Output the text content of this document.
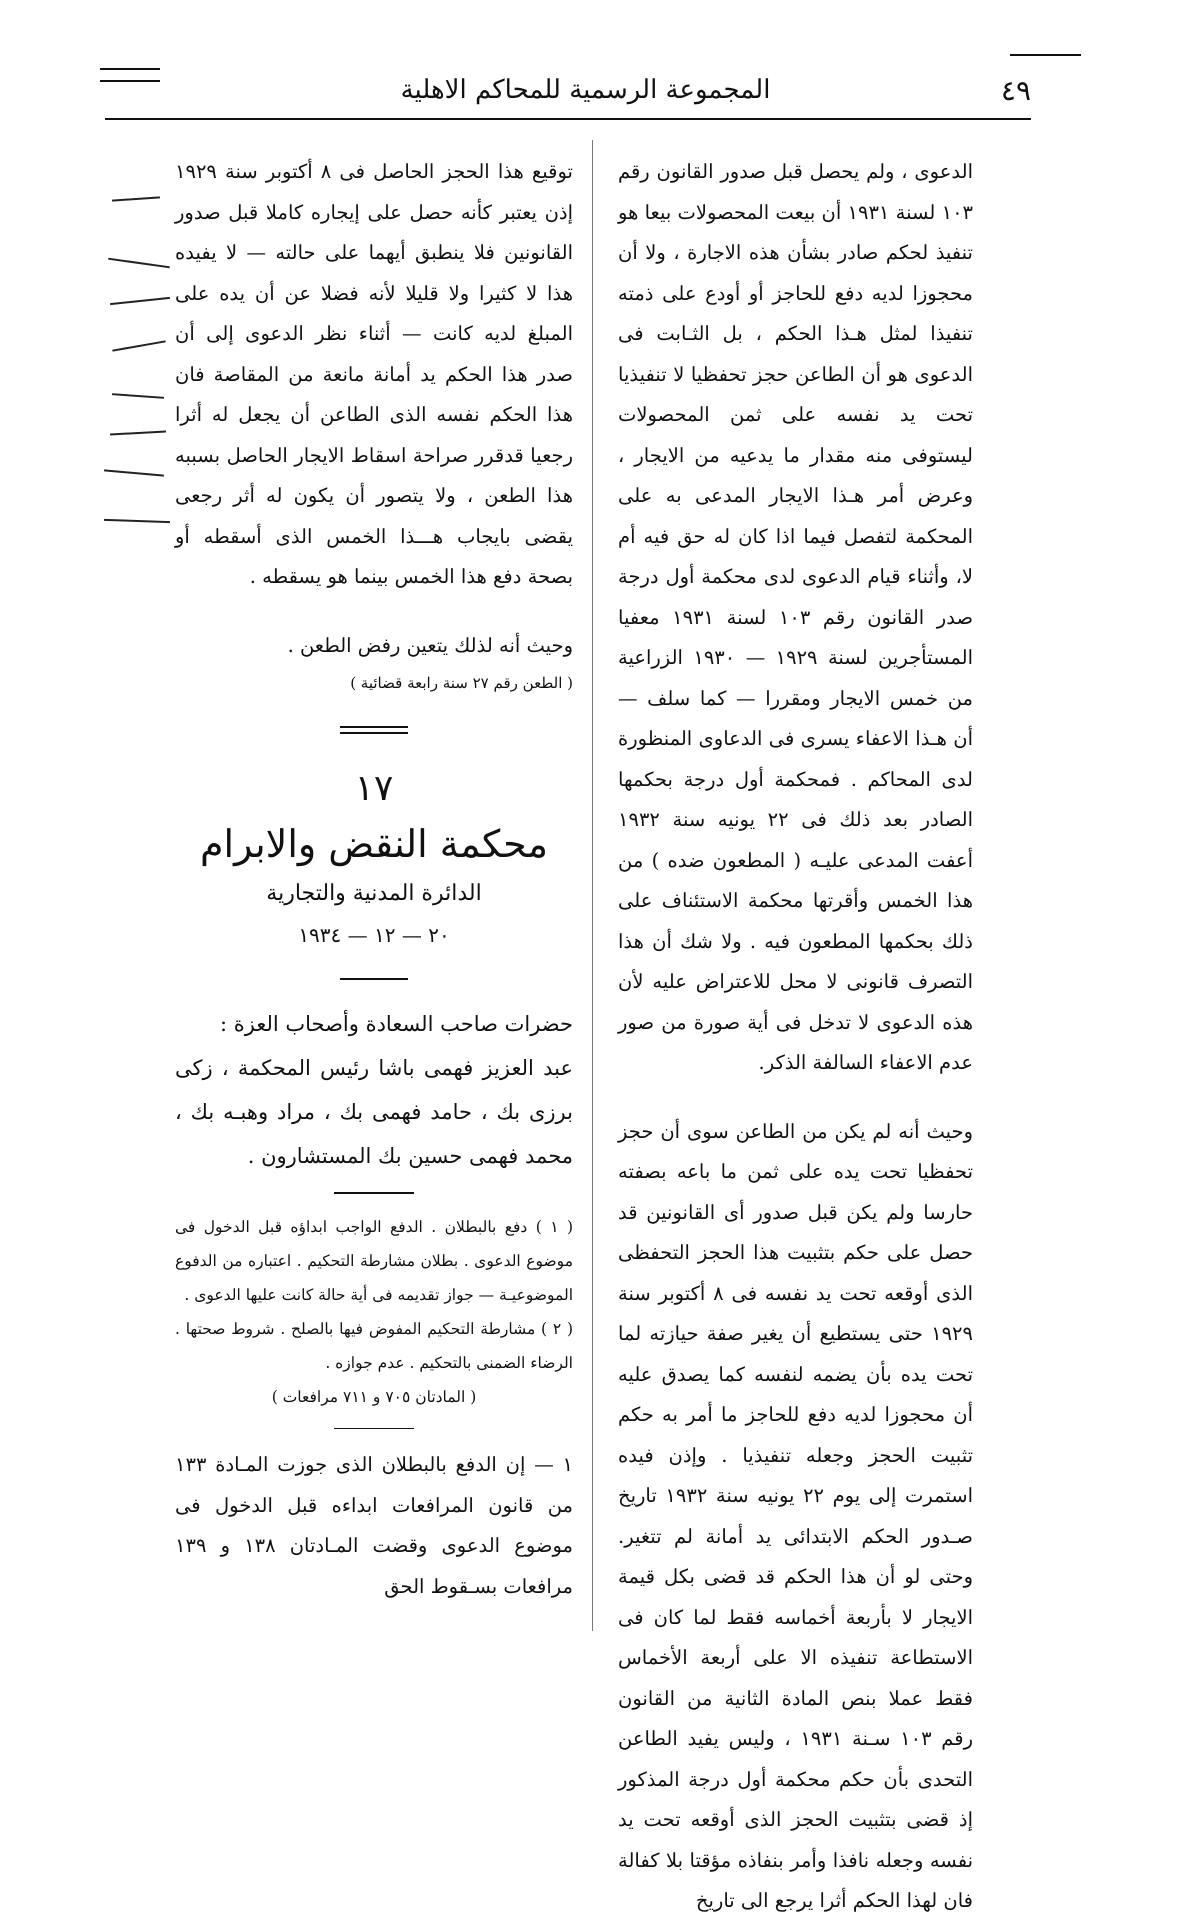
٤٩
المجموعة الرسمية للمحاكم الاهلية

الدعوى ، ولم يحصل قبل صدور القانون رقم ١٠٣ لسنة ١٩٣١ أن بيعت المحصولات بيعا هو تنفيذ لحكم صادر بشأن هذه الاجارة ، ولا أن محجوزا لديه دفع للحاجز أو أودع على ذمته تنفيذا لمثل هـذا الحكم ، بل الثـابت فى الدعوى هو أن الطاعن حجز تحفظيا لا تنفيذيا تحت يد نفسه على ثمن المحصولات ليستوفى منه مقدار ما يدعيه من الايجار ، وعرض أمر هـذا الايجار المدعى به على المحكمة لتفصل فيما اذا كان له حق فيه أم لا، وأثناء قيام الدعوى لدى محكمة أول درجة صدر القانون رقم ١٠٣ لسنة ١٩٣١ معفيا المستأجرين لسنة ١٩٢٩ — ١٩٣٠ الزراعية من خمس الايجار ومقررا — كما سلف — أن هـذا الاعفاء يسرى فى الدعاوى المنظورة لدى المحاكم . فمحكمة أول درجة بحكمها الصادر بعد ذلك فى ٢٢ يونيه سنة ١٩٣٢ أعفت المدعى عليـه ( المطعون ضده ) من هذا الخمس وأقرتها محكمة الاستئناف على ذلك بحكمها المطعون فيه . ولا شك أن هذا التصرف قانونى لا محل للاعتراض عليه لأن هذه الدعوى لا تدخل فى أية صورة من صور عدم الاعفاء السالفة الذكر.

وحيث أنه لم يكن من الطاعن سوى أن حجز تحفظيا تحت يده على ثمن ما باعه بصفته حارسا ولم يكن قبل صدور أى القانونين قد حصل على حكم بتثبيت هذا الحجز التحفظى الذى أوقعه تحت يد نفسه فى ٨ أكتوبر سنة ١٩٢٩ حتى يستطيع أن يغير صفة حيازته لما تحت يده بأن يضمه لنفسه كما يصدق عليه أن محجوزا لديه دفع للحاجز ما أمر به حكم تثبيت الحجز وجعله تنفيذيا . وإذن فيده استمرت إلى يوم ٢٢ يونيه سنة ١٩٣٢ تاريخ صـدور الحكم الابتدائى يد أمانة لم تتغير. وحتى لو أن هذا الحكم قد قضى بكل قيمة الايجار لا بأربعة أخماسه فقط لما كان فى الاستطاعة تنفيذه الا على أربعة الأخماس فقط عملا بنص المادة الثانية من القانون رقم ١٠٣ سـنة ١٩٣١ ، وليس يفيد الطاعن التحدى بأن حكم محكمة أول درجة المذكور إذ قضى بتثبيت الحجز الذى أوقعه تحت يد نفسه وجعله نافذا وأمر بنفاذه مؤقتا بلا كفالة فان لهذا الحكم أثرا يرجع الى تاريخ

توقيع هذا الحجز الحاصل فى ٨ أكتوبر سنة ١٩٢٩ إذن يعتبر كأنه حصل على إيجاره كاملا قبل صدور القانونين فلا ينطبق أيهما على حالته — لا يفيده هذا لا كثيرا ولا قليلا لأنه فضلا عن أن يده على المبلغ لديه كانت — أثناء نظر الدعوى إلى أن صدر هذا الحكم يد أمانة مانعة من المقاصة فان هذا الحكم نفسه الذى الطاعن أن يجعل له أثرا رجعيا قدقرر صراحة اسقاط الايجار الحاصل بسببه هذا الطعن ، ولا يتصور أن يكون له أثر رجعى يقضى بايجاب هـــذا الخمس الذى أسقطه أو بصحة دفع هذا الخمس بينما هو يسقطه .

وحيث أنه لذلك يتعين رفض الطعن .

( الطعن رقم ٢٧ سنة رابعة قضائية )

١٧

محكمة النقض والابرام

الدائرة المدنية والتجارية

٢٠ — ١٢ — ١٩٣٤

حضرات صاحب السعادة وأصحاب العزة :

عبد العزيز فهمى باشا رئيس المحكمة ، زكى برزى بك ، حامد فهمى بك ، مراد وهبـه بك ، محمد فهمى حسين بك المستشارون .

( ١ ) دفع بالبطلان . الدفع الواجب ابداؤه قبل الدخول فى موضوع الدعوى . بطلان مشارطة التحكيم . اعتباره من الدفوع الموضوعيـة — جواز تقديمه فى أية حالة كانت عليها الدعوى .

( ٢ ) مشارطة التحكيم المفوض فيها بالصلح . شروط صحتها . الرضاء الضمنى بالتحكيم . عدم جوازه .

( المادتان ٧٠٥ و ٧١١ مرافعات )

١ — إن الدفع بالبطلان الذى جوزت المـادة ١٣٣ من قانون المرافعات ابداءه قبل الدخول فى موضوع الدعوى وقضت المـادتان ١٣٨ و ١٣٩ مرافعات بسـقوط الحق
